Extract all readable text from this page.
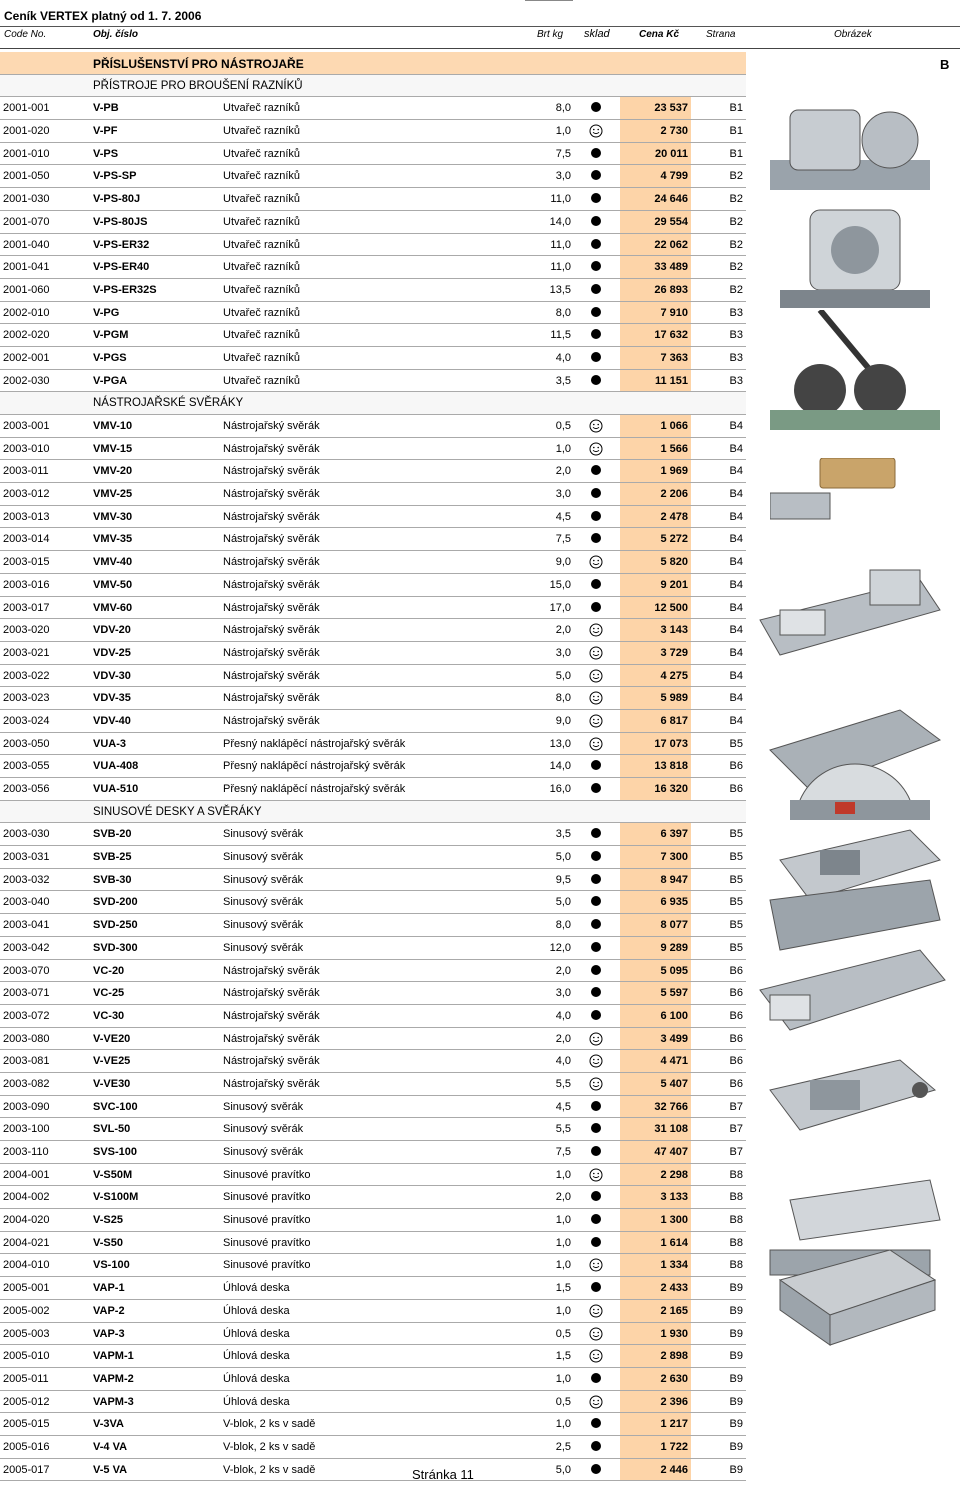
Ceník VERTEX platný od 1. 7. 2006
Code No.	Obj. číslo	Brt kg sklad	Cena Kč	Strana	Obrázek
B
PŘÍSLUŠENSTVÍ PRO NÁSTROJAŘE
PŘÍSTROJE PRO BROUŠENÍ RAZNÍKŮ
2001-001	V-PB	Utvařeč razníků	8,0	23 537	B1
2001-020	V-PF	Utvařeč razníků	1,0	2 730	B1
2001-010	V-PS	Utvařeč razníků	7,5	20 011	B1
2001-050	V-PS-SP	Utvařeč razníků	3,0	4 799	B2
2001-030	V-PS-80J	Utvařeč razníků	11,0	24 646	B2
2001-070	V-PS-80JS	Utvařeč razníků	14,0	29 554	B2
2001-040	V-PS-ER32	Utvařeč razníků	11,0	22 062	B2
2001-041	V-PS-ER40	Utvařeč razníků	11,0	33 489	B2
2001-060	V-PS-ER32S	Utvařeč razníků	13,5	26 893	B2
2002-010	V-PG	Utvařeč razníků	8,0	7 910	B3
2002-020	V-PGM	Utvařeč razníků	11,5	17 632	B3
2002-001	V-PGS	Utvařeč razníků	4,0	7 363	B3
2002-030	V-PGA	Utvařeč razníků	3,5	11 151	B3
NÁSTROJAŘSKÉ SVĚRÁKY
2003-001	VMV-10	Nástrojařský svěrák	0,5	1 066	B4
2003-010	VMV-15	Nástrojařský svěrák	1,0	1 566	B4
2003-011	VMV-20	Nástrojařský svěrák	2,0	1 969	B4
2003-012	VMV-25	Nástrojařský svěrák	3,0	2 206	B4
2003-013	VMV-30	Nástrojařský svěrák	4,5	2 478	B4
2003-014	VMV-35	Nástrojařský svěrák	7,5	5 272	B4
2003-015	VMV-40	Nástrojařský svěrák	9,0	5 820	B4
2003-016	VMV-50	Nástrojařský svěrák	15,0	9 201	B4
2003-017	VMV-60	Nástrojařský svěrák	17,0	12 500	B4
2003-020	VDV-20	Nástrojařský svěrák	2,0	3 143	B4
2003-021	VDV-25	Nástrojařský svěrák	3,0	3 729	B4
2003-022	VDV-30	Nástrojařský svěrák	5,0	4 275	B4
2003-023	VDV-35	Nástrojařský svěrák	8,0	5 989	B4
2003-024	VDV-40	Nástrojařský svěrák	9,0	6 817	B4
2003-050	VUA-3	Přesný naklápěcí nástrojařský svěrák	13,0	17 073	B5
2003-055	VUA-408	Přesný naklápěcí nástrojařský svěrák	14,0	13 818	B6
2003-056	VUA-510	Přesný naklápěcí nástrojařský svěrák	16,0	16 320	B6
SINUSOVÉ DESKY A SVĚRÁKY
2003-030	SVB-20	Sinusový svěrák	3,5	6 397	B5
2003-031	SVB-25	Sinusový svěrák	5,0	7 300	B5
2003-032	SVB-30	Sinusový svěrák	9,5	8 947	B5
2003-040	SVD-200	Sinusový svěrák	5,0	6 935	B5
2003-041	SVD-250	Sinusový svěrák	8,0	8 077	B5
2003-042	SVD-300	Sinusový svěrák	12,0	9 289	B5
2003-070	VC-20	Nástrojařský svěrák	2,0	5 095	B6
2003-071	VC-25	Nástrojařský svěrák	3,0	5 597	B6
2003-072	VC-30	Nástrojařský svěrák	4,0	6 100	B6
2003-080	V-VE20	Nástrojařský svěrák	2,0	3 499	B6
2003-081	V-VE25	Nástrojařský svěrák	4,0	4 471	B6
2003-082	V-VE30	Nástrojařský svěrák	5,5	5 407	B6
2003-090	SVC-100	Sinusový svěrák	4,5	32 766	B7
2003-100	SVL-50	Sinusový svěrák	5,5	31 108	B7
2003-110	SVS-100	Sinusový svěrák	7,5	47 407	B7
2004-001	V-S50M	Sinusové pravítko	1,0	2 298	B8
2004-002	V-S100M	Sinusové pravítko	2,0	3 133	B8
2004-020	V-S25	Sinusové pravítko	1,0	1 300	B8
2004-021	V-S50	Sinusové pravítko	1,0	1 614	B8
2004-010	VS-100	Sinusové pravítko	1,0	1 334	B8
2005-001	VAP-1	Úhlová deska	1,5	2 433	B9
2005-002	VAP-2	Úhlová deska	1,0	2 165	B9
2005-003	VAP-3	Úhlová deska	0,5	1 930	B9
2005-010	VAPM-1	Úhlová deska	1,5	2 898	B9
2005-011	VAPM-2	Úhlová deska	1,0	2 630	B9
2005-012	VAPM-3	Úhlová deska	0,5	2 396	B9
2005-015	V-3VA	V-blok, 2 ks v sadě	1,0	1 217	B9
2005-016	V-4 VA	V-blok, 2 ks v sadě	2,5	1 722	B9
2005-017	V-5 VA	V-blok, 2 ks v sadě	5,0	2 446	B9
Stránka 11
